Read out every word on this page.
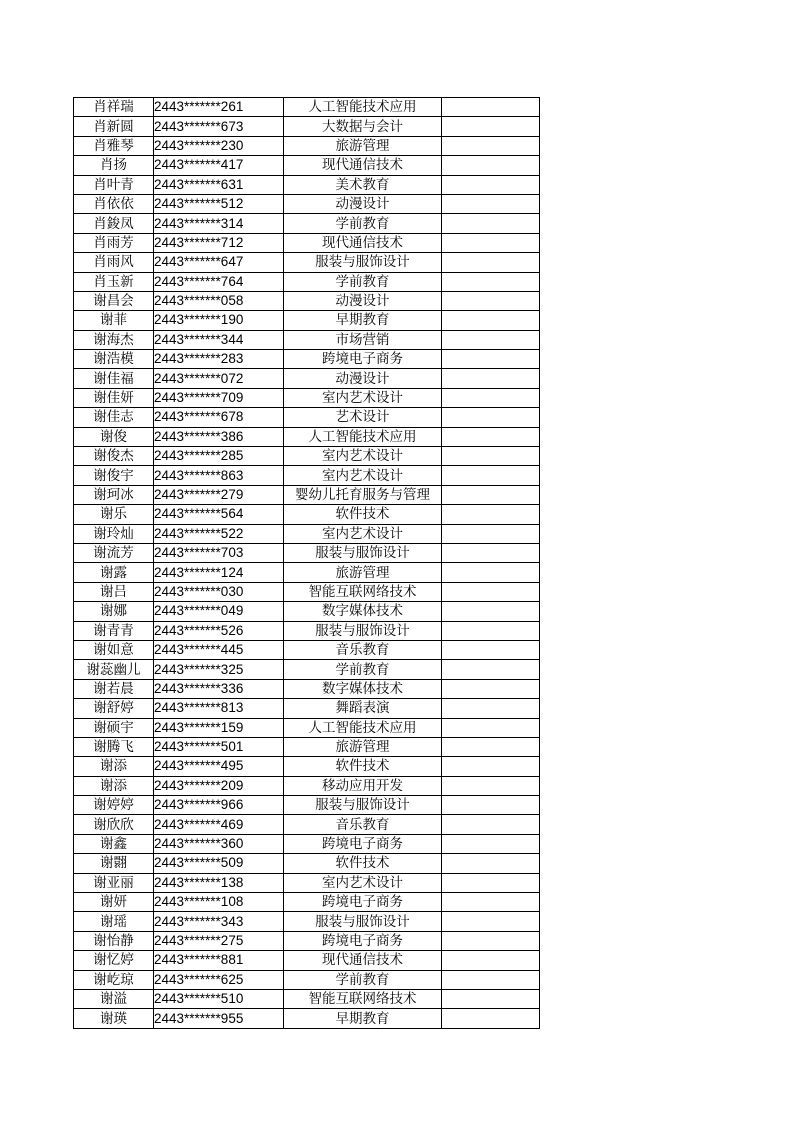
肖祥瑞	2443*******261	人工智能技术应用	
肖新圆	2443*******673	大数据与会计	
肖雅琴	2443*******230	旅游管理	
肖扬	2443*******417	现代通信技术	
肖叶青	2443*******631	美术教育	
肖依依	2443*******512	动漫设计	
肖鋑凤	2443*******314	学前教育	
肖雨芳	2443*******712	现代通信技术	
肖雨风	2443*******647	服装与服饰设计	
肖玉新	2443*******764	学前教育	
谢昌会	2443*******058	动漫设计	
谢菲	2443*******190	早期教育	
谢海杰	2443*******344	市场营销	
谢浩模	2443*******283	跨境电子商务	
谢佳福	2443*******072	动漫设计	
谢佳妍	2443*******709	室内艺术设计	
谢佳志	2443*******678	艺术设计	
谢俊	2443*******386	人工智能技术应用	
谢俊杰	2443*******285	室内艺术设计	
谢俊宇	2443*******863	室内艺术设计	
谢珂冰	2443*******279	婴幼儿托育服务与管理	
谢乐	2443*******564	软件技术	
谢玲灿	2443*******522	室内艺术设计	
谢流芳	2443*******703	服装与服饰设计	
谢露	2443*******124	旅游管理	
谢吕	2443*******030	智能互联网络技术	
谢娜	2443*******049	数字媒体技术	
谢青青	2443*******526	服装与服饰设计	
谢如意	2443*******445	音乐教育	
谢蕊幽儿	2443*******325	学前教育	
谢若晨	2443*******336	数字媒体技术	
谢舒婷	2443*******813	舞蹈表演	
谢硕宇	2443*******159	人工智能技术应用	
谢腾飞	2443*******501	旅游管理	
谢添	2443*******495	软件技术	
谢添	2443*******209	移动应用开发	
谢婷婷	2443*******966	服装与服饰设计	
谢欣欣	2443*******469	音乐教育	
谢鑫	2443*******360	跨境电子商务	
谢翾	2443*******509	软件技术	
谢亚丽	2443*******138	室内艺术设计	
谢妍	2443*******108	跨境电子商务	
谢瑶	2443*******343	服装与服饰设计	
谢怡静	2443*******275	跨境电子商务	
谢忆婷	2443*******881	现代通信技术	
谢屹琼	2443*******625	学前教育	
谢溢	2443*******510	智能互联网络技术	
谢瑛	2443*******955	早期教育	
